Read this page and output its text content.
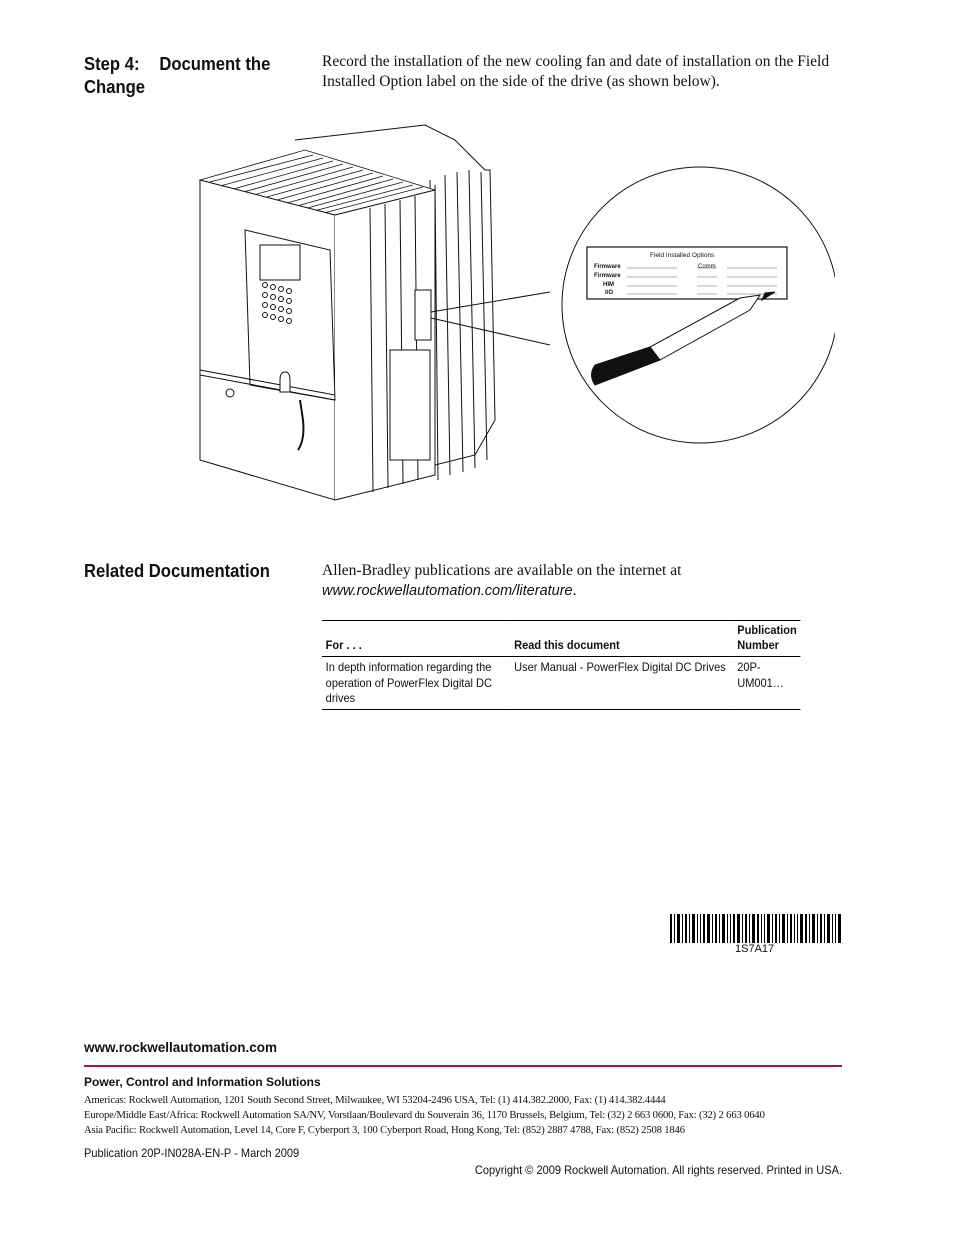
Step 4: Document the
Change
Record the installation of the new cooling fan and date of installation on the Field Installed Option label on the side of the drive (as shown below).
Field Installed Options
Firmware
Firmware
HIM
I/O
Comm
Related Documentation	Allen-Bradley publications are available on the internet at
www.rockwellautomation.com/literature.
For . . .	Read this document	Publication
Number
In depth information regarding the operation of PowerFlex Digital DC drives	User Manual - PowerFlex Digital DC Drives	20P-UM001…
1S7A17
www.rockwellautomation.com
Power, Control and Information Solutions
Americas: Rockwell Automation, 1201 South Second Street, Milwaukee, WI 53204-2496 USA, Tel: (1) 414.382.2000, Fax: (1) 414.382.4444
Europe/Middle East/Africa: Rockwell Automation SA/NV, Vorstlaan/Boulevard du Souverain 36, 1170 Brussels, Belgium, Tel: (32) 2 663 0600, Fax: (32) 2 663 0640
Asia Pacific: Rockwell Automation, Level 14, Core F, Cyberport 3, 100 Cyberport Road, Hong Kong, Tel: (852) 2887 4788, Fax: (852) 2508 1846
Publication 20P-IN028A-EN-P - March 2009
Copyright © 2009 Rockwell Automation. All rights reserved. Printed in USA.
